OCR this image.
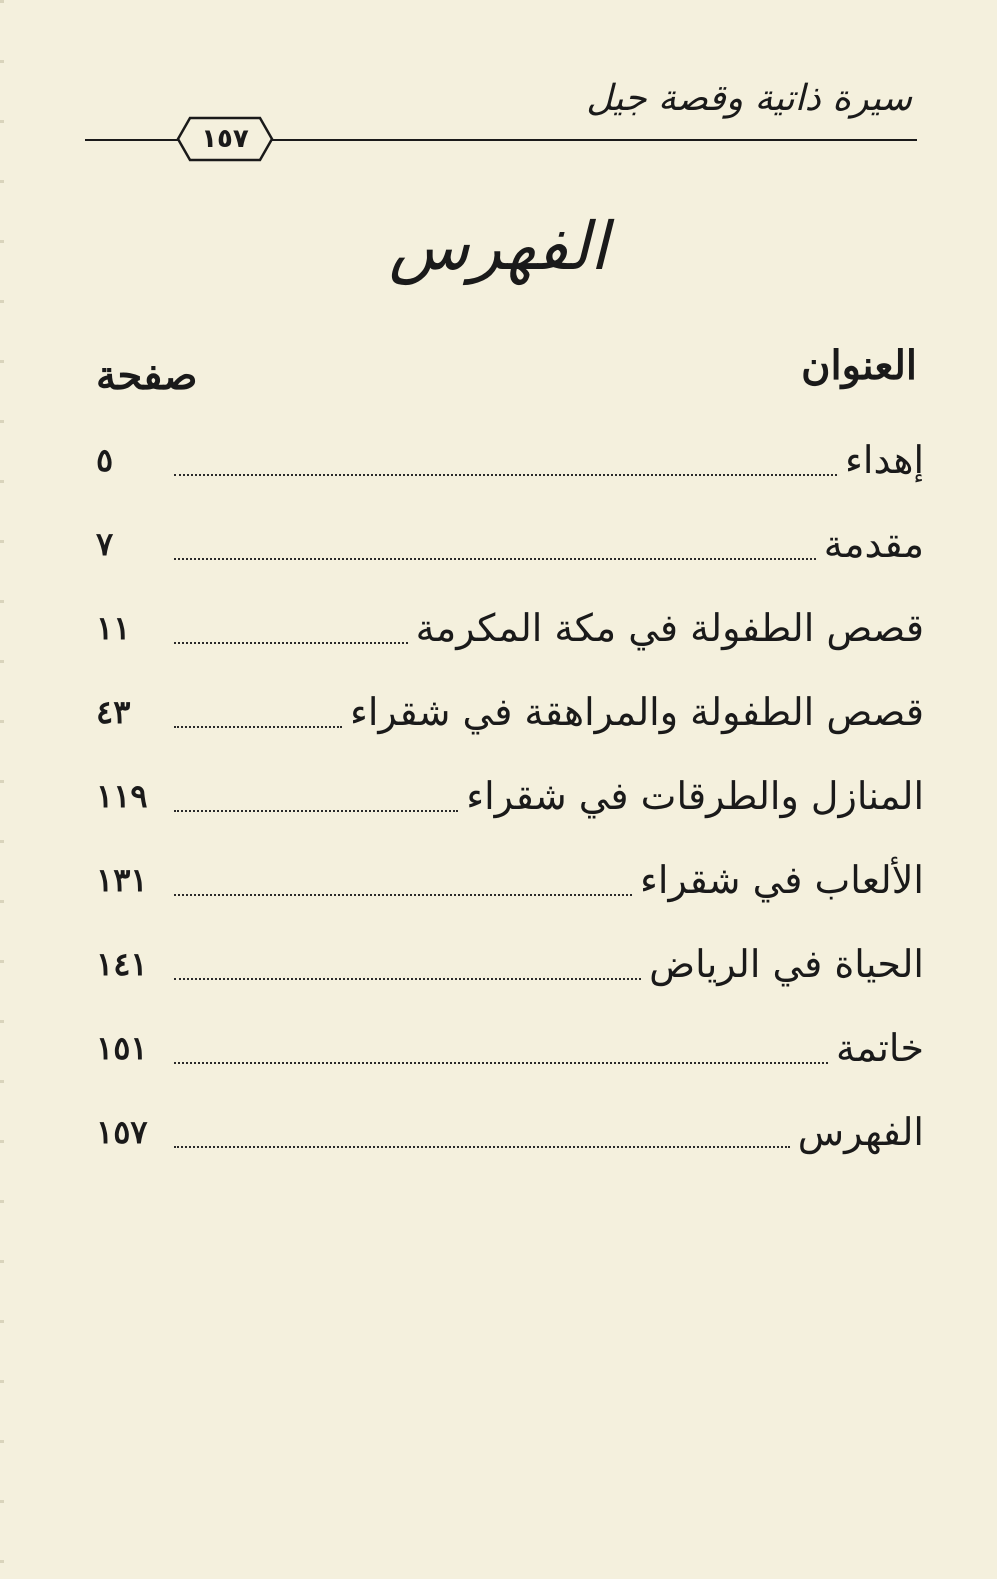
سيرة ذاتية وقصة جيل
١٥٧
الفهرس
العنوان
صفحة
إهداء
٥
مقدمة
٧
قصص الطفولة في مكة المكرمة
١١
قصص الطفولة والمراهقة في شقراء
٤٣
المنازل والطرقات في شقراء
١١٩
الألعاب في شقراء
١٣١
الحياة في الرياض
١٤١
خاتمة
١٥١
الفهرس
١٥٧
